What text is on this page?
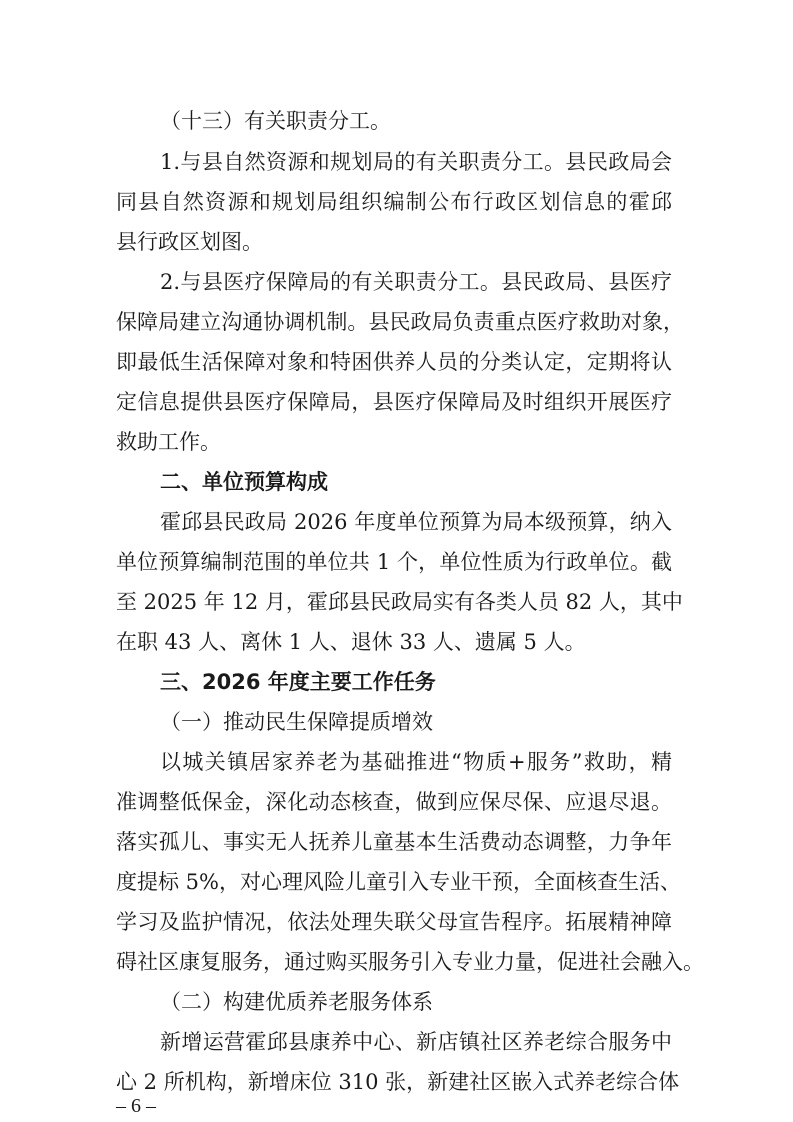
（十三）有关职责分工。
1.与县自然资源和规划局的有关职责分工。县民政局会
同县自然资源和规划局组织编制公布行政区划信息的霍邱
县行政区划图。
2.与县医疗保障局的有关职责分工。县民政局、县医疗
保障局建立沟通协调机制。县民政局负责重点医疗救助对象，
即最低生活保障对象和特困供养人员的分类认定，定期将认
定信息提供县医疗保障局，县医疗保障局及时组织开展医疗
救助工作。
二、单位预算构成
霍邱县民政局 2026 年度单位预算为局本级预算，纳入
单位预算编制范围的单位共 1 个，单位性质为行政单位。截
至 2025 年 12 月，霍邱县民政局实有各类人员 82 人，其中
在职 43 人、离休 1 人、退休 33 人、遗属 5 人。
三、2026 年度主要工作任务
（一）推动民生保障提质增效
以城关镇居家养老为基础推进“物质+服务”救助，精
准调整低保金，深化动态核查，做到应保尽保、应退尽退。
落实孤儿、事实无人抚养儿童基本生活费动态调整，力争年
度提标 5%，对心理风险儿童引入专业干预，全面核查生活、
学习及监护情况，依法处理失联父母宣告程序。拓展精神障
碍社区康复服务，通过购买服务引入专业力量，促进社会融入。
（二）构建优质养老服务体系
新增运营霍邱县康养中心、新店镇社区养老综合服务中
心 2 所机构，新增床位 310 张，新建社区嵌入式养老综合体
– 6 –
